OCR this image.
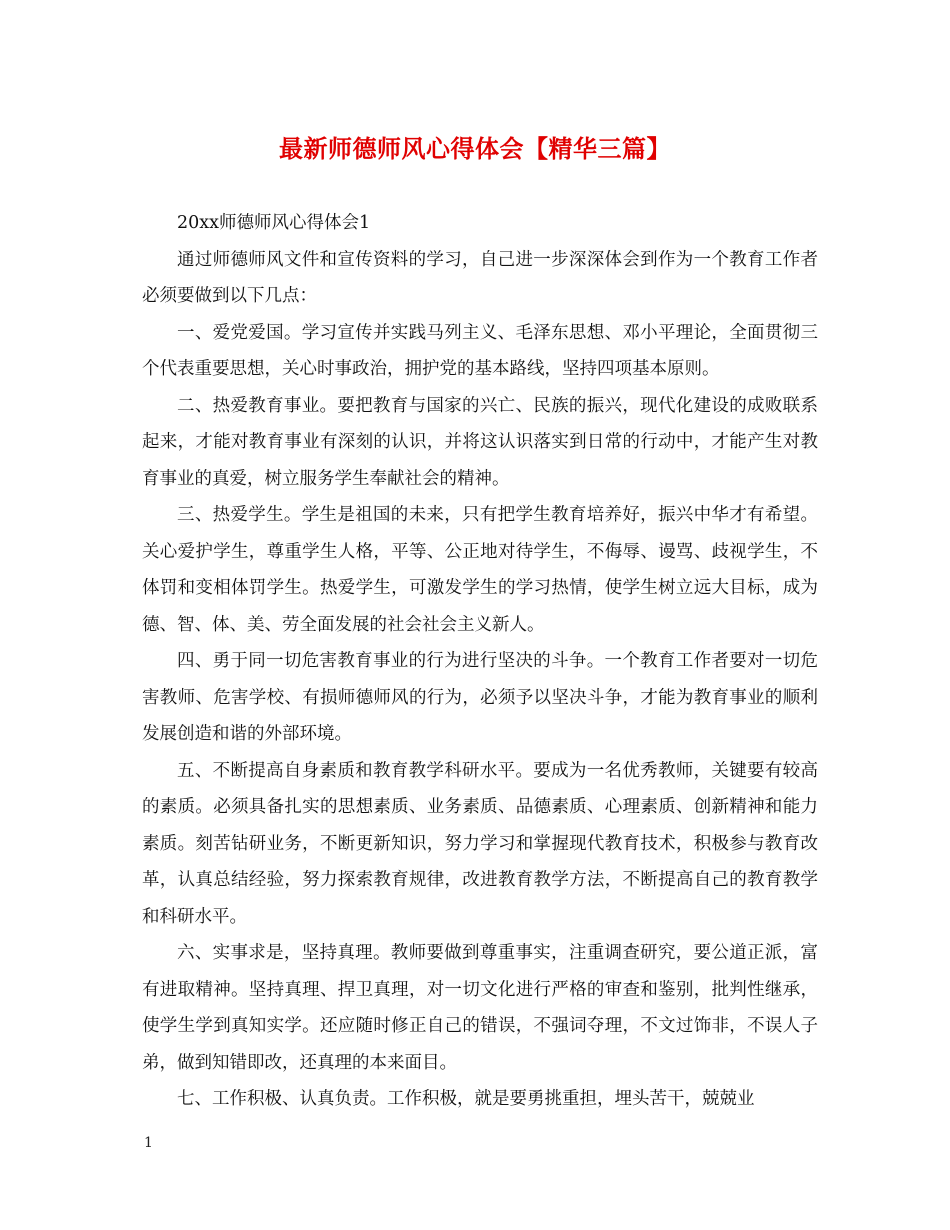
最新师德师风心得体会【精华三篇】

20xx师德师风心得体会1

通过师德师风文件和宣传资料的学习，自己进一步深深体会到作为一个教育工作者必须要做到以下几点：

一、爱党爱国。学习宣传并实践马列主义、毛泽东思想、邓小平理论，全面贯彻三个代表重要思想，关心时事政治，拥护党的基本路线，坚持四项基本原则。

二、热爱教育事业。要把教育与国家的兴亡、民族的振兴，现代化建设的成败联系起来，才能对教育事业有深刻的认识，并将这认识落实到日常的行动中，才能产生对教育事业的真爱，树立服务学生奉献社会的精神。

三、热爱学生。学生是祖国的未来，只有把学生教育培养好，振兴中华才有希望。关心爱护学生，尊重学生人格，平等、公正地对待学生，不侮辱、谩骂、歧视学生，不体罚和变相体罚学生。热爱学生，可激发学生的学习热情，使学生树立远大目标，成为德、智、体、美、劳全面发展的社会社会主义新人。

四、勇于同一切危害教育事业的行为进行坚决的斗争。一个教育工作者要对一切危害教师、危害学校、有损师德师风的行为，必须予以坚决斗争，才能为教育事业的顺利发展创造和谐的外部环境。

五、不断提高自身素质和教育教学科研水平。要成为一名优秀教师，关键要有较高的素质。必须具备扎实的思想素质、业务素质、品德素质、心理素质、创新精神和能力素质。刻苦钻研业务，不断更新知识，努力学习和掌握现代教育技术，积极参与教育改革，认真总结经验，努力探索教育规律，改进教育教学方法，不断提高自己的教育教学和科研水平。

六、实事求是，坚持真理。教师要做到尊重事实，注重调查研究，要公道正派，富有进取精神。坚持真理、捍卫真理，对一切文化进行严格的审查和鉴别，批判性继承，使学生学到真知实学。还应随时修正自己的错误，不强词夺理，不文过饰非，不误人子弟，做到知错即改，还真理的本来面目。

七、工作积极、认真负责。工作积极，就是要勇挑重担，埋头苦干，兢兢业

1
